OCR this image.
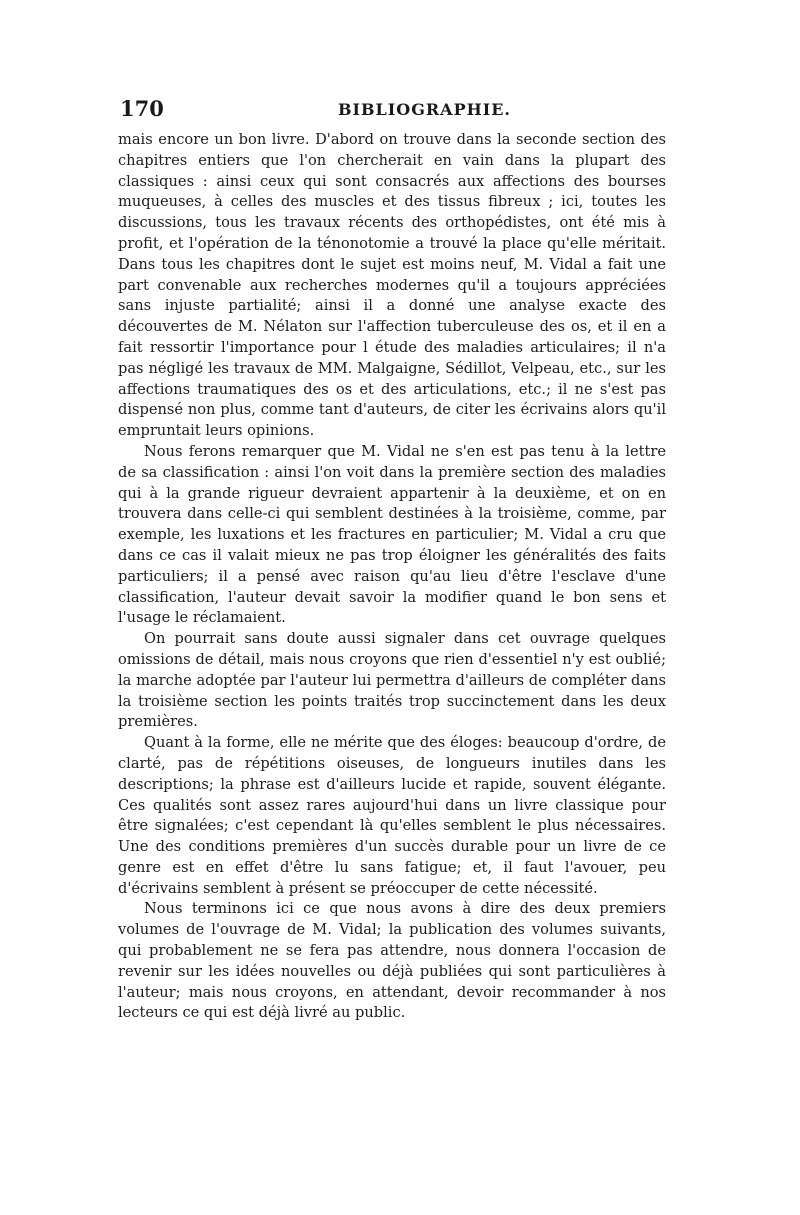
170	BIBLIOGRAPHIE.

mais encore un bon livre. D'abord on trouve dans la seconde section des chapitres entiers que l'on chercherait en vain dans la plupart des classiques : ainsi ceux qui sont consacrés aux affections des bourses muqueuses, à celles des muscles et des tissus fibreux ; ici, toutes les discussions, tous les travaux récents des orthopédistes, ont été mis à profit, et l'opération de la ténonotomie a trouvé la place qu'elle méritait. Dans tous les chapitres dont le sujet est moins neuf, M. Vidal a fait une part convenable aux recherches modernes qu'il a toujours appréciées sans injuste partialité; ainsi il a donné une analyse exacte des découvertes de M. Nélaton sur l'affection tuberculeuse des os, et il en a fait ressortir l'importance pour l étude des maladies articulaires; il n'a pas négligé les travaux de MM. Malgaigne, Sédillot, Velpeau, etc., sur les affections traumatiques des os et des articulations, etc.; il ne s'est pas dispensé non plus, comme tant d'auteurs, de citer les écrivains alors qu'il empruntait leurs opinions.

Nous ferons remarquer que M. Vidal ne s'en est pas tenu à la lettre de sa classification : ainsi l'on voit dans la première section des maladies qui à la grande rigueur devraient appartenir à la deuxième, et on en trouvera dans celle-ci qui semblent destinées à la troisième, comme, par exemple, les luxations et les fractures en particulier; M. Vidal a cru que dans ce cas il valait mieux ne pas trop éloigner les généralités des faits particuliers; il a pensé avec raison qu'au lieu d'être l'esclave d'une classification, l'auteur devait savoir la modifier quand le bon sens et l'usage le réclamaient.

On pourrait sans doute aussi signaler dans cet ouvrage quelques omissions de détail, mais nous croyons que rien d'essentiel n'y est oublié; la marche adoptée par l'auteur lui permettra d'ailleurs de compléter dans la troisième section les points traités trop succinctement dans les deux premières.

Quant à la forme, elle ne mérite que des éloges: beaucoup d'ordre, de clarté, pas de répétitions oiseuses, de longueurs inutiles dans les descriptions; la phrase est d'ailleurs lucide et rapide, souvent élégante. Ces qualités sont assez rares aujourd'hui dans un livre classique pour être signalées; c'est cependant là qu'elles semblent le plus nécessaires. Une des conditions premières d'un succès durable pour un livre de ce genre est en effet d'être lu sans fatigue; et, il faut l'avouer, peu d'écrivains semblent à présent se préoccuper de cette nécessité.

Nous terminons ici ce que nous avons à dire des deux premiers volumes de l'ouvrage de M. Vidal; la publication des volumes suivants, qui probablement ne se fera pas attendre, nous donnera l'occasion de revenir sur les idées nouvelles ou déjà publiées qui sont particulières à l'auteur; mais nous croyons, en attendant, devoir recommander à nos lecteurs ce qui est déjà livré au public.
